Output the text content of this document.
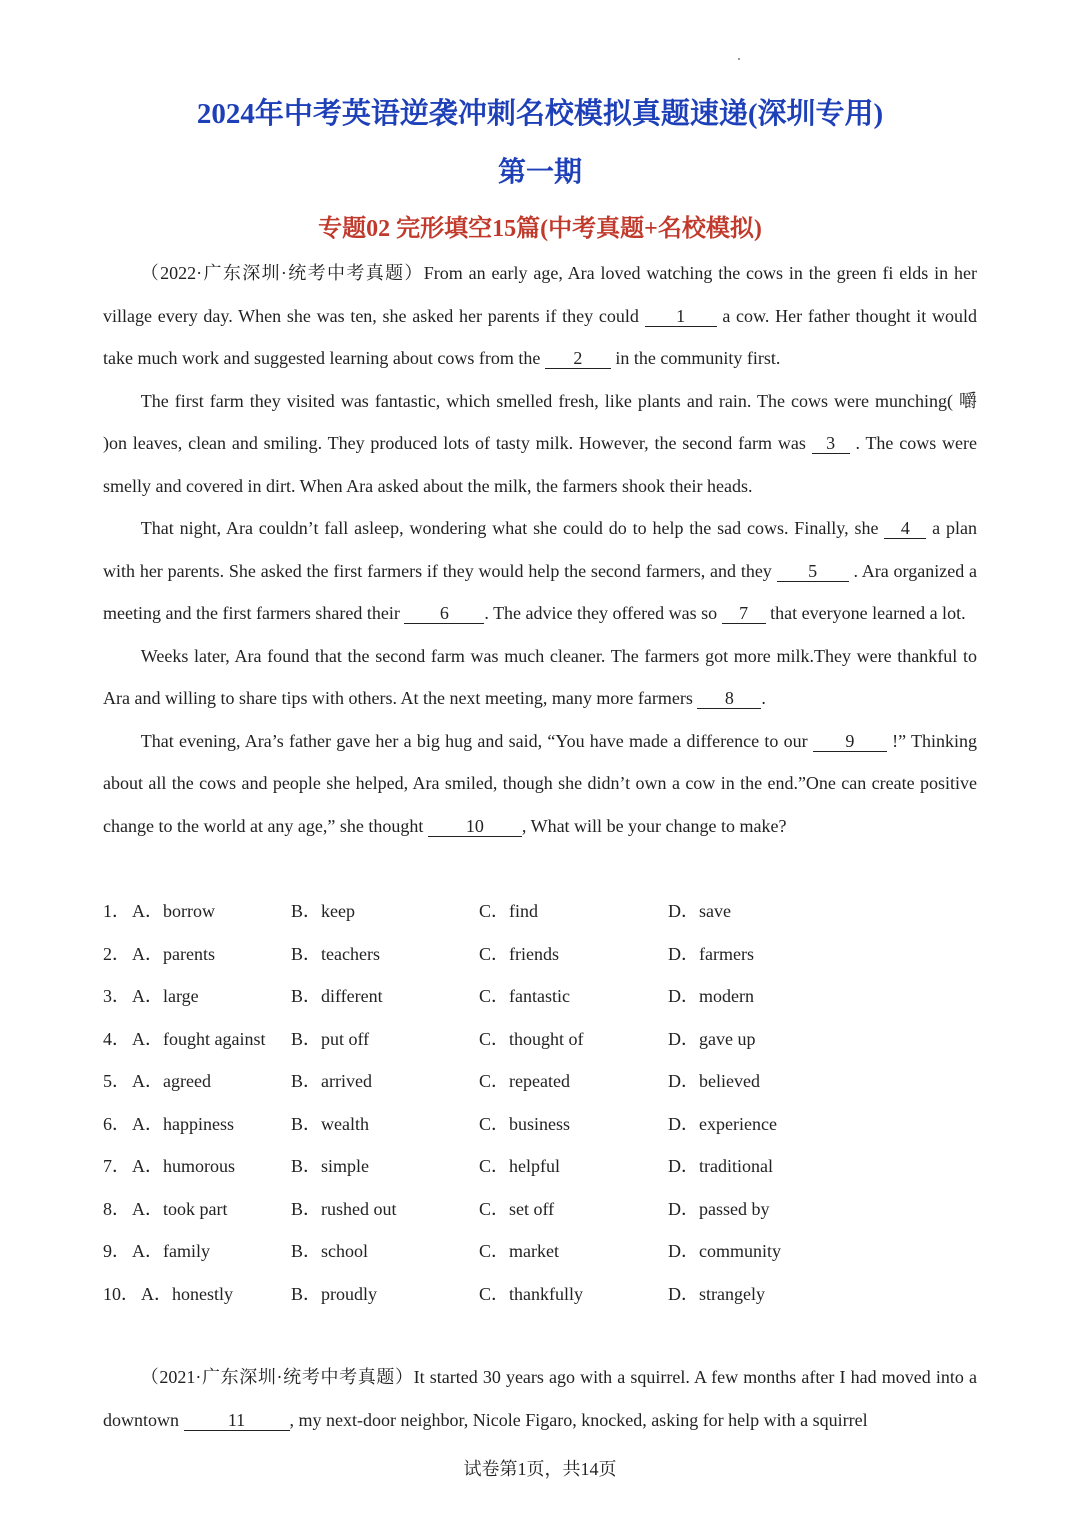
2024年中考英语逆袭冲刺名校模拟真题速递(深圳专用)
第一期
专题02 完形填空15篇(中考真题+名校模拟)

（2022·广东深圳·统考中考真题）From an early age, Ara loved watching the cows in the green fi elds in her village every day. When she was ten, she asked her parents if they could 1 a cow. Her father thought it would take much work and suggested learning about cows from the 2 in the community first.

The first farm they visited was fantastic, which smelled fresh, like plants and rain. The cows were munching( 嚼 )on leaves, clean and smiling. They produced lots of tasty milk. However, the second farm was 3 . The cows were smelly and covered in dirt. When Ara asked about the milk, the farmers shook their heads.

That night, Ara couldn’t fall asleep, wondering what she could do to help the sad cows. Finally, she 4 a plan with her parents. She asked the first farmers if they would help the second farmers, and they 5 . Ara organized a meeting and the first farmers shared their 6 . The advice they offered was so 7 that everyone learned a lot.

Weeks later, Ara found that the second farm was much cleaner. The farmers got more milk.They were thankful to Ara and willing to share tips with others. At the next meeting, many more farmers 8 .

That evening, Ara’s father gave her a big hug and said, “You have made a difference to our 9 !” Thinking about all the cows and people she helped, Ara smiled, though she didn’t own a cow in the end.”One can create positive change to the world at any age,” she thought 10 , What will be your change to make?

1． A．borrow	B．keep	C．find	D．save
2． A．parents	B．teachers	C．friends	D．farmers
3． A．large	B．different	C．fantastic	D．modern
4． A．fought against B．put off	C．thought of	D．gave up
5． A．agreed	B．arrived	C．repeated	D．believed
6． A．happiness	B．wealth	C．business	D．experience
7． A．humorous	B．simple	C．helpful	D．traditional
8． A．took part	B．rushed out	C．set off	D．passed by
9． A．family	B．school	C．market	D．community
10． A．honestly	B．proudly	C．thankfully	D．strangely

（2021·广东深圳·统考中考真题）It started 30 years ago with a squirrel. A few months after I had moved into a downtown 11 , my next-door neighbor, Nicole Figaro, knocked, asking for help with a squirrel

试卷第1页，共14页
